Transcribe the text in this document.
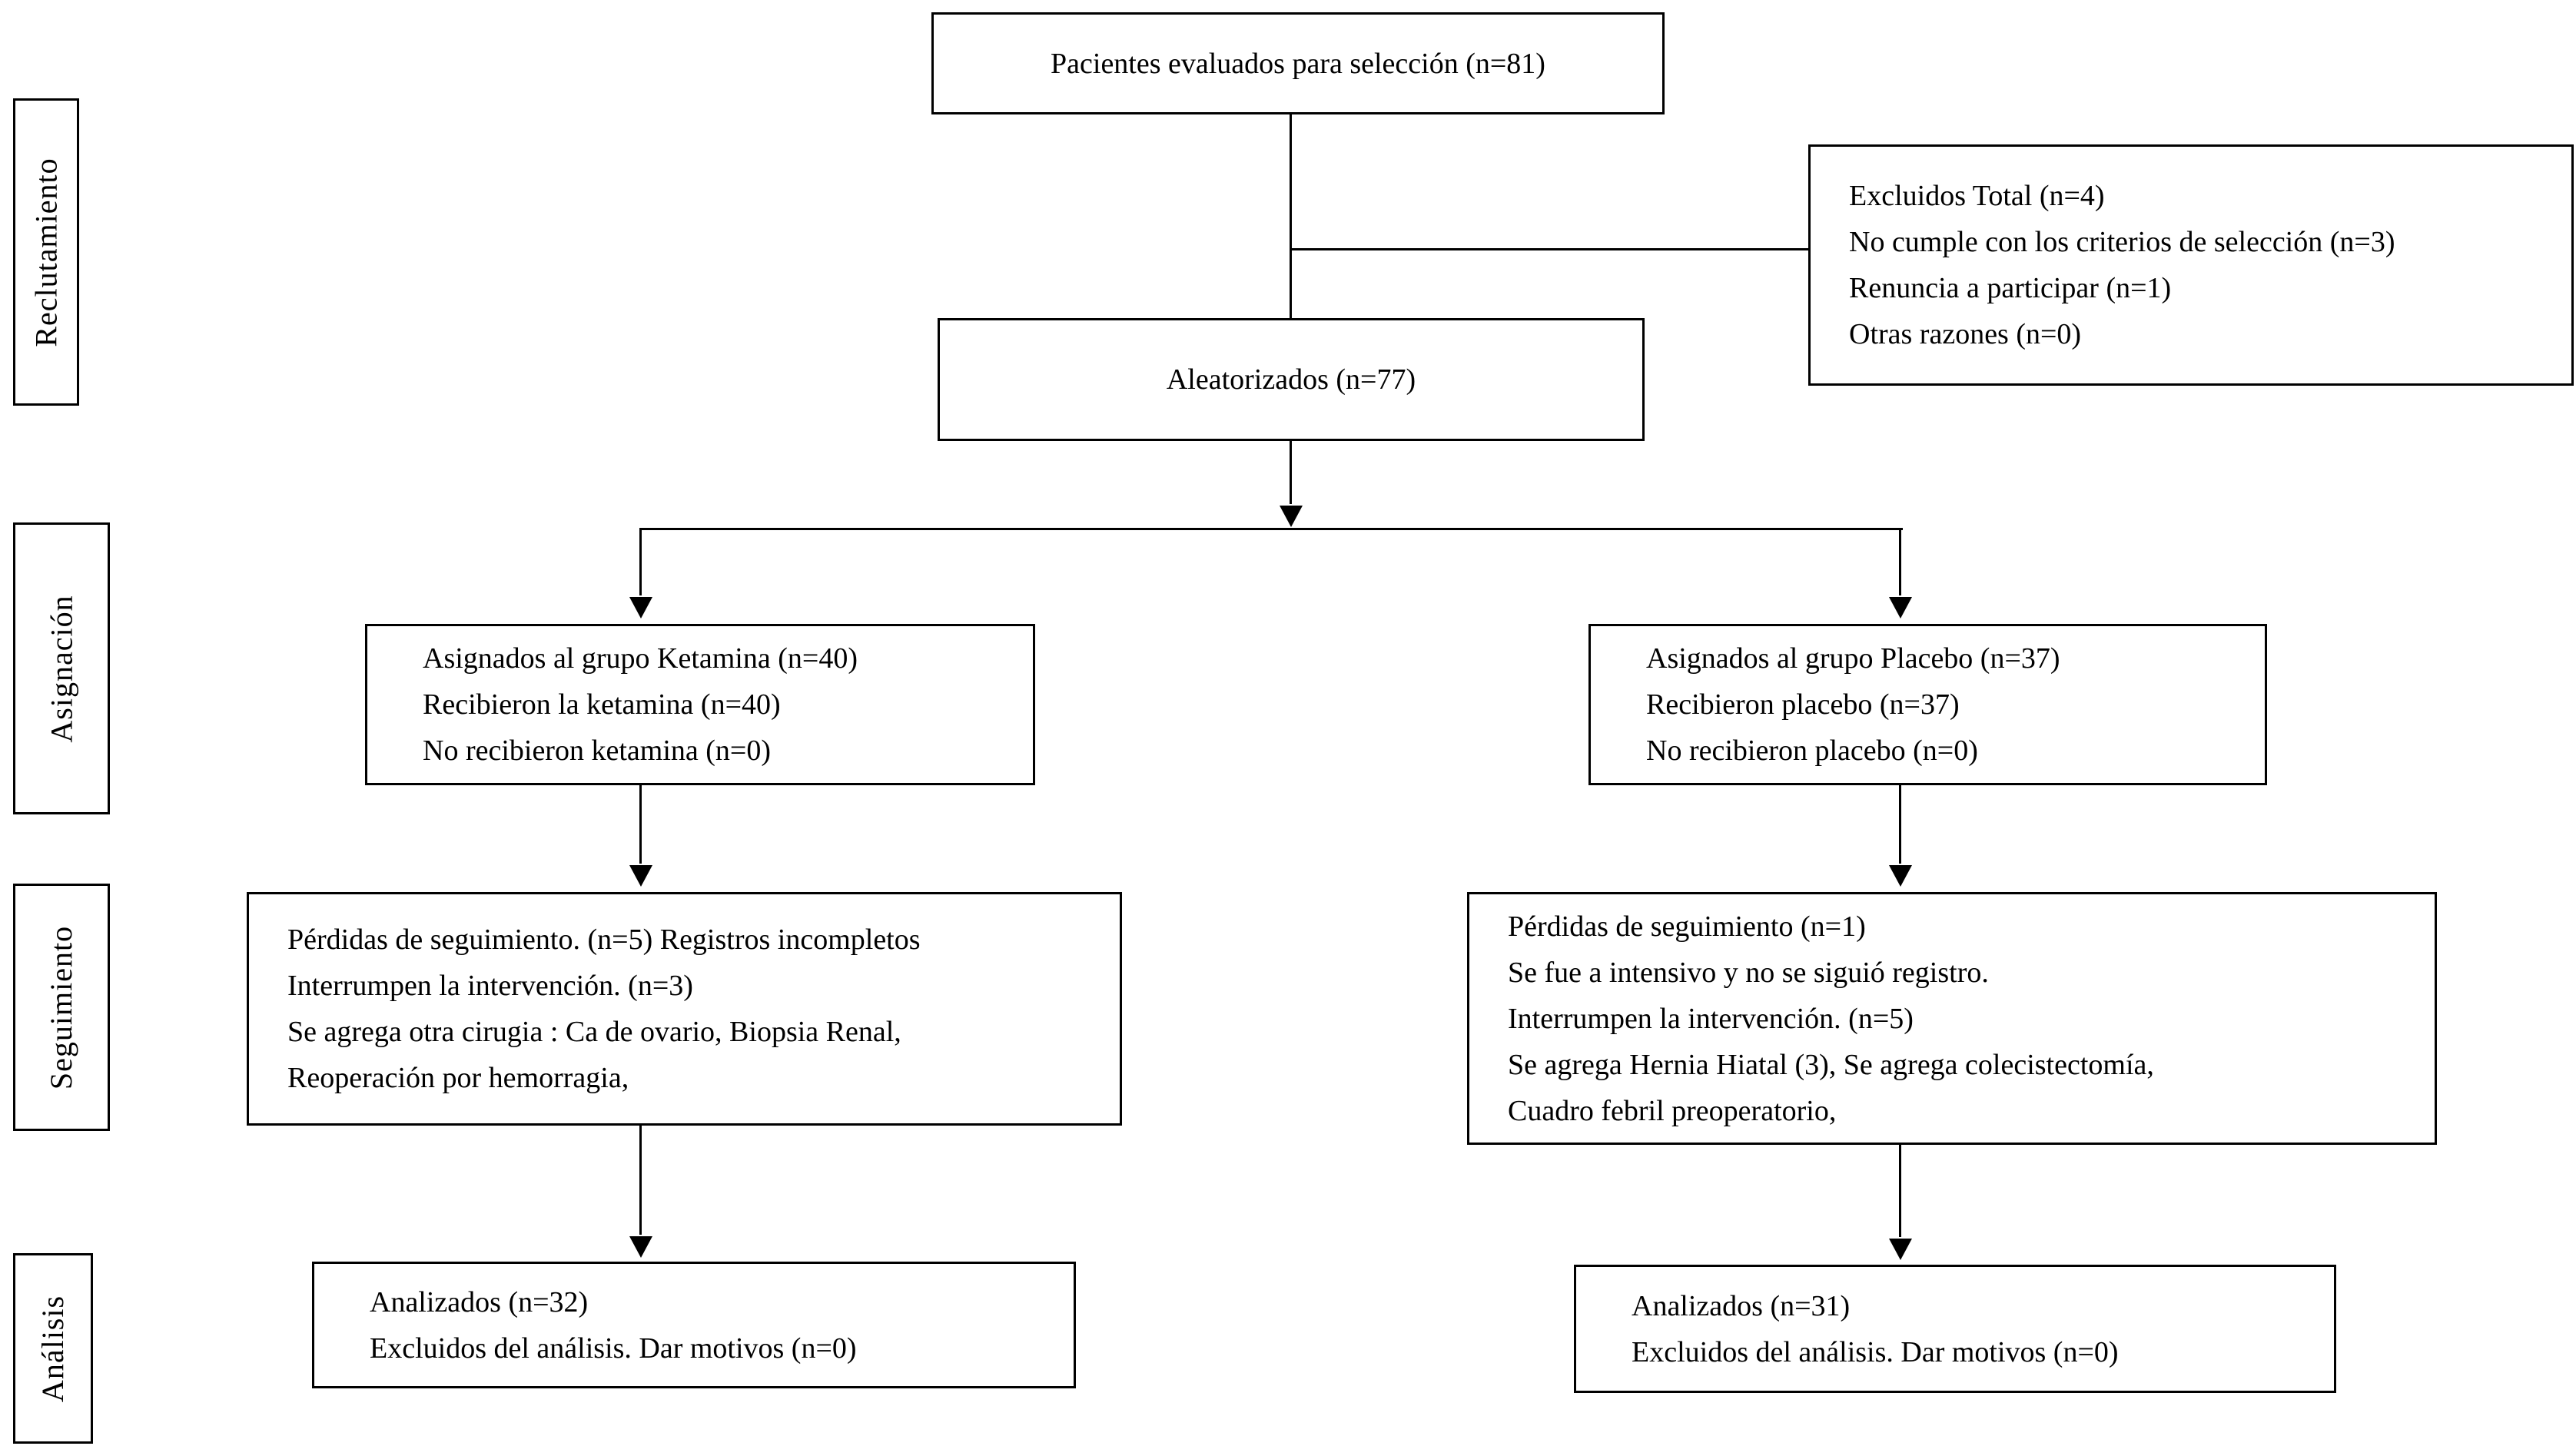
Reclutamiento
Asignación
Seguimiento
Análisis
Pacientes evaluados para selección (n=81)
Excluidos Total (n=4)
No cumple con los criterios de selección (n=3)
Renuncia a participar (n=1)
Otras razones (n=0)
Aleatorizados (n=77)
Asignados al grupo Ketamina (n=40)
Recibieron la ketamina (n=40)
No recibieron ketamina (n=0)
Asignados al grupo Placebo (n=37)
Recibieron placebo (n=37)
No recibieron placebo (n=0)
Pérdidas de seguimiento. (n=5) Registros incompletos
Interrumpen la intervención. (n=3)
Se agrega otra cirugia : Ca de ovario, Biopsia Renal,
Reoperación por hemorragia,
Pérdidas de seguimiento (n=1)
Se fue a intensivo y no se siguió registro.
Interrumpen la intervención. (n=5)
Se agrega Hernia Hiatal (3), Se agrega colecistectomía,
Cuadro febril preoperatorio,
Analizados (n=32)
Excluidos del análisis. Dar motivos (n=0)
Analizados (n=31)
Excluidos del análisis. Dar motivos (n=0)
